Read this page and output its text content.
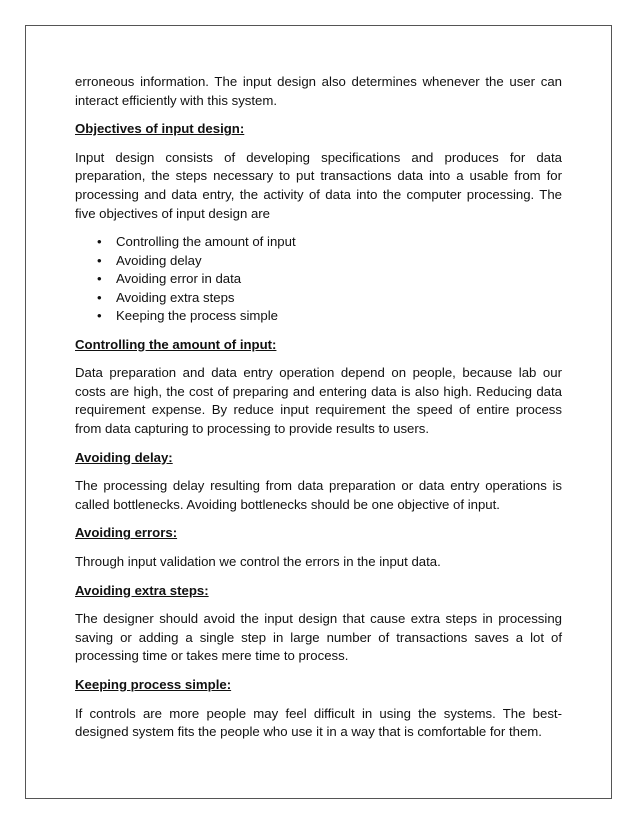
erroneous information. The input design also determines whenever the user can interact efficiently with this system.

Objectives of input design:

Input design consists of developing specifications and produces for data preparation, the steps necessary to put transactions data into a usable from for processing and data entry, the activity of data into the computer processing. The five objectives of input design are

• Controlling the amount of input
• Avoiding delay
• Avoiding error in data
• Avoiding extra steps
• Keeping the process simple
Controlling the amount of input:

Data preparation and data entry operation depend on people, because lab our costs are high, the cost of preparing and entering data is also high. Reducing data requirement expense. By reduce input requirement the speed of entire process from data capturing to processing to provide results to users.

Avoiding delay:

The processing delay resulting from data preparation or data entry operations is called bottlenecks. Avoiding bottlenecks should be one objective of input.

Avoiding errors:

Through input validation we control the errors in the input data.

Avoiding extra steps:

The designer should avoid the input design that cause extra steps in processing saving or adding a single step in large number of transactions saves a lot of processing time or takes mere time to process.

Keeping process simple:

If controls are more people may feel difficult in using the systems. The best-designed system fits the people who use it in a way that is comfortable for them.
